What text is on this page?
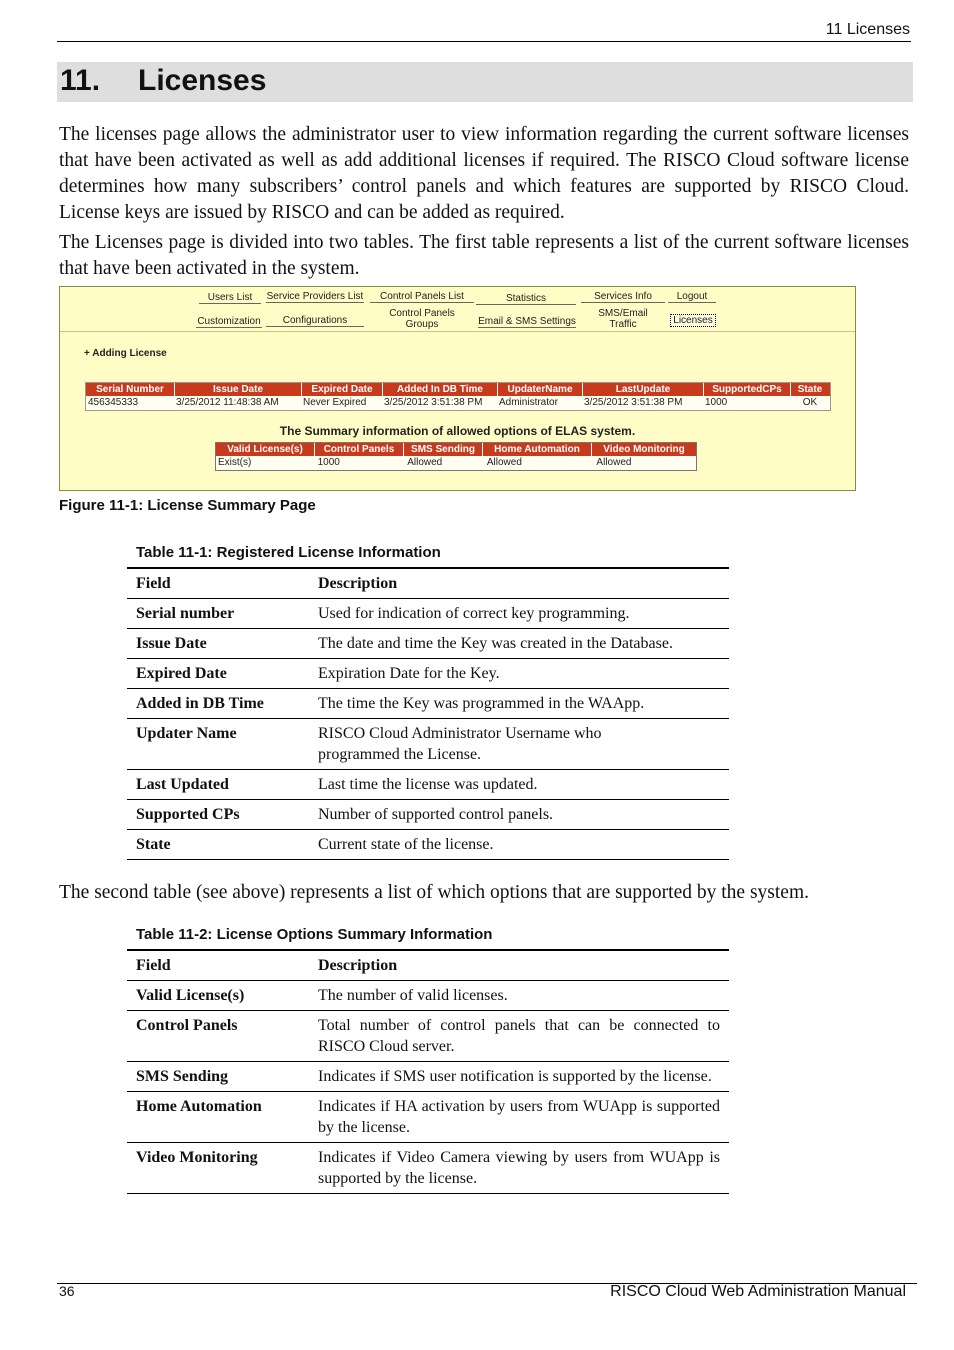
11 Licenses
11. Licenses

The licenses page allows the administrator user to view information regarding the current software licenses that have been activated as well as add additional licenses if required. The RISCO Cloud software license determines how many subscribers’ control panels and which features are supported by RISCO Cloud. License keys are issued by RISCO and can be added as required.

The Licenses page is divided into two tables. The first table represents a list of the current software licenses that have been activated in the system.

Users List	Service Providers List	Control Panels List	Statistics	Services Info	Logout
Customization	Configurations
Control Panels Groups	Email & SMS Settings
SMS/Email Traffic	Licenses
+ Adding License
Serial Number	Issue Date	Expired Date	Added In DB Time	UpdaterName	LastUpdate	SupportedCPs	State
456345333	3/25/2012 11:48:38 AM	Never Expired	3/25/2012 3:51:38 PM	Administrator	3/25/2012 3:51:38 PM	1000	OK
The Summary information of allowed options of ELAS system.
Valid License(s)	Control Panels	SMS Sending	Home Automation	Video Monitoring
Exist(s)	1000	Allowed	Allowed	Allowed
Figure 11-1: License Summary Page
Table 11-1: Registered License Information
Field	Description
Serial number	Used for indication of correct key programming.
Issue Date	The date and time the Key was created in the Database.
Expired Date	Expiration Date for the Key.
Added in DB Time	The time the Key was programmed in the WAApp.
Updater Name	RISCO Cloud Administrator Username who programmed the License.
Last Updated	Last time the license was updated.
Supported CPs	Number of supported control panels.
State	Current state of the license.

The second table (see above) represents a list of which options that are supported by the system.

Table 11-2: License Options Summary Information
Field	Description
Valid License(s)	The number of valid licenses.
Control Panels	Total number of control panels that can be connected to RISCO Cloud server.
SMS Sending	Indicates if SMS user notification is supported by the license.
Home Automation	Indicates if HA activation by users from WUApp is supported by the license.
Video Monitoring	Indicates if Video Camera viewing by users from WUApp is supported by the license.
36	RISCO Cloud Web Administration Manual
